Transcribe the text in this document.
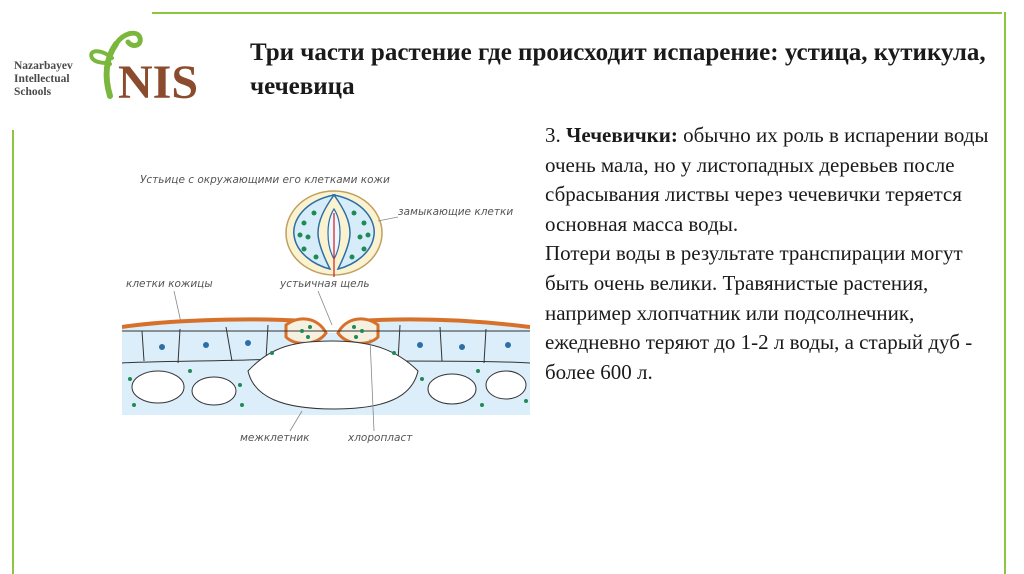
Nazarbayev
Intellectual
Schools	NIS
Три части растение где происходит испарение: устица, кутикула, чечевица

3. Чечевички: обычно их роль в испарении воды очень мала, но у листопадных деревьев после сбрасывания листвы через чечевички теряется основная масса воды.

Потери воды в результате транспирации могут быть очень велики. Травянистые растения, например хлопчатник или подсолнечник, ежедневно теряют до 1-2 л воды, а старый дуб - более 600 л.

Устьице с окружающими его клетками кожи
замыкающие клетки
клетки кожицы	устьичная щель
межклетник	хлоропласт
